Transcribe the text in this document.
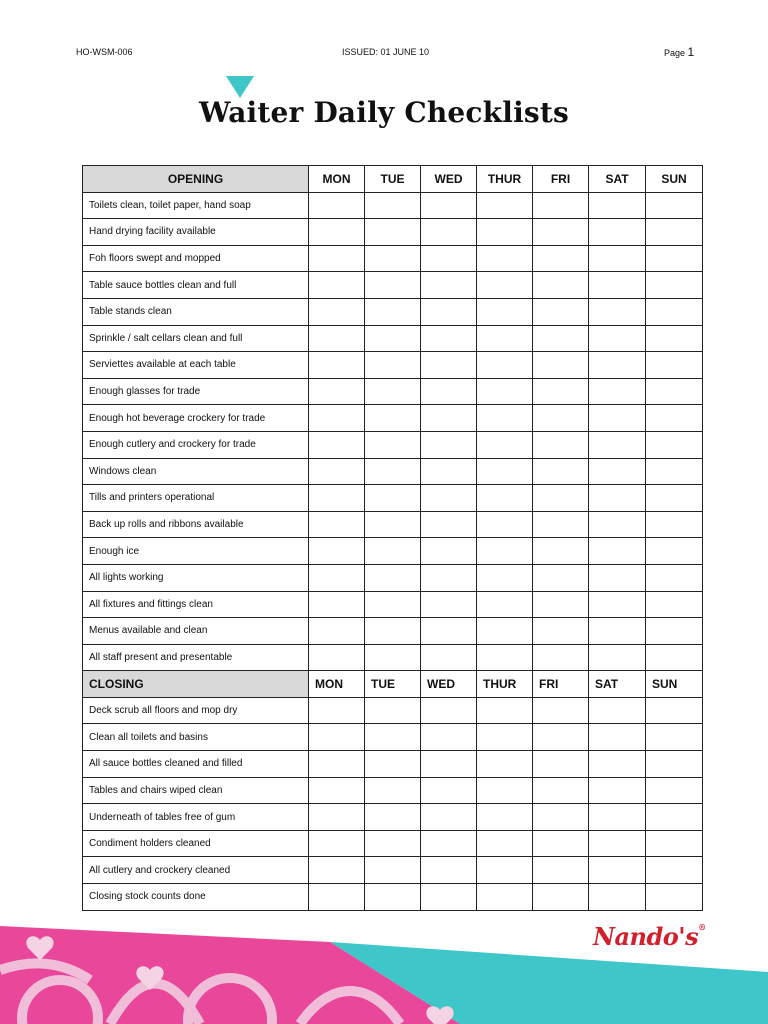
HO-WSM-006	ISSUED: 01 JUNE 10	Page 1
Waiter Daily Checklists
OPENING	MON	TUE	WED	THUR	FRI	SAT	SUN
Toilets clean, toilet paper, hand soap							
Hand drying facility available							
Foh floors swept and mopped							
Table sauce bottles clean and full							
Table stands clean							
Sprinkle / salt cellars clean and full							
Serviettes available at each table							
Enough glasses for trade							
Enough hot beverage crockery for trade							
Enough cutlery and crockery for trade							
Windows clean							
Tills and printers operational							
Back up rolls and ribbons available							
Enough ice							
All lights working							
All fixtures and fittings clean							
Menus available and clean							
All staff present and presentable							
CLOSING	MON	TUE	WED	THUR	FRI	SAT	SUN
Deck scrub all floors and mop dry							
Clean all toilets and basins							
All sauce bottles cleaned and filled							
Tables and chairs wiped clean							
Underneath of tables free of gum							
Condiment holders cleaned							
All cutlery and crockery cleaned							
Closing stock counts done							
Nando's®
